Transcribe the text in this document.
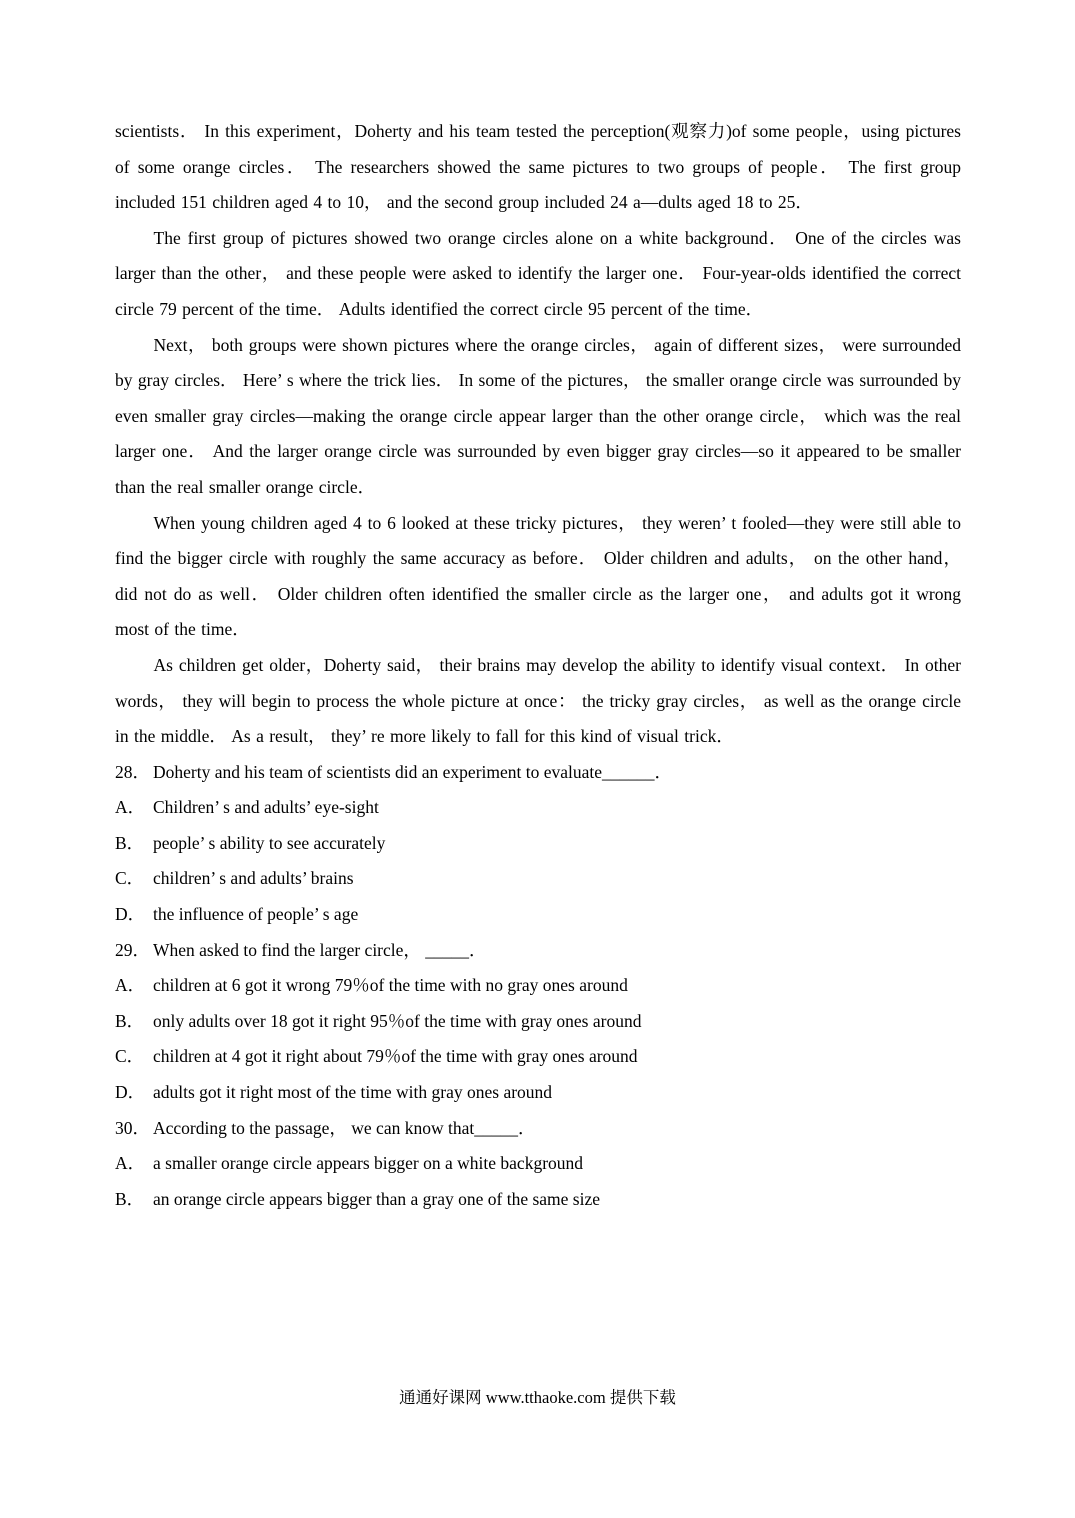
scientists． In this experiment，Doherty and his team tested the perception(观察力)of some people，using pictures of some orange circles． The researchers showed the same pictures to two groups of people． The first group included 151 children aged 4 to 10， and the second group included 24 a—dults aged 18 to 25．

The first group of pictures showed two orange circles alone on a white background． One of the circles was larger than the other， and these people were asked to identify the larger one． Four-year-olds identified the correct circle 79 percent of the time． Adults identified the correct circle 95 percent of the time．

Next， both groups were shown pictures where the orange circles， again of different sizes， were surrounded by gray circles． Here’ s where the trick lies． In some of the pictures， the smaller orange circle was surrounded by even smaller gray circles—making the orange circle appear larger than the other orange circle， which was the real larger one． And the larger orange circle was surrounded by even bigger gray circles—so it appeared to be smaller than the real smaller orange circle．

When young children aged 4 to 6 looked at these tricky pictures， they weren’ t fooled—they were still able to find the bigger circle with roughly the same accuracy as before． Older children and adults， on the other hand， did not do as well． Older children often identified the smaller circle as the larger one， and adults got it wrong most of the time．

As children get older，Doherty said， their brains may develop the ability to identify visual context． In other words， they will begin to process the whole picture at once： the tricky gray circles， as well as the orange circle in the middle． As a result， they’ re more likely to fall for this kind of visual trick．

28． Doherty and his team of scientists did an experiment to evaluate______．
A． Children’ s and adults’ eye-sight
B． people’ s ability to see accurately
C． children’ s and adults’ brains
D． the influence of people’ s age
29． When asked to find the larger circle， _____．
A． children at 6 got it wrong 79％of the time with no gray ones around
B． only adults over 18 got it right 95％of the time with gray ones around
C． children at 4 got it right about 79％of the time with gray ones around
D． adults got it right most of the time with gray ones around
30． According to the passage， we can know that_____．
A． a smaller orange circle appears bigger on a white background
B． an orange circle appears bigger than a gray one of the same size
通通好课网 www.tthaoke.com 提供下载
